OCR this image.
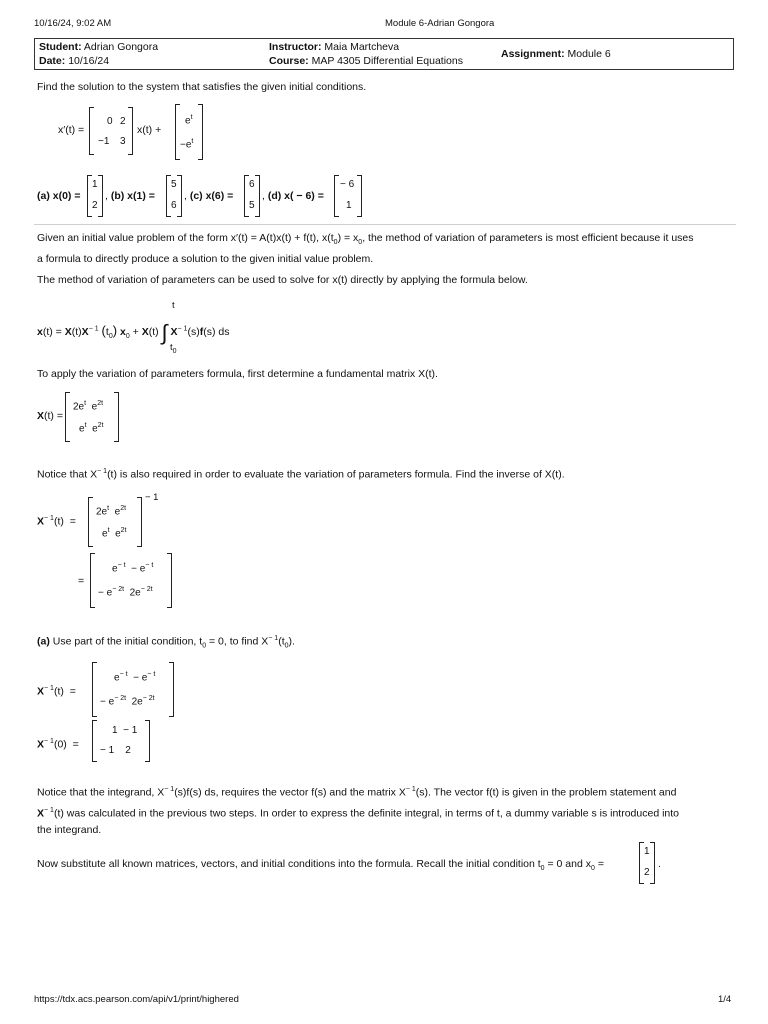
10/16/24, 9:02 AM	Module 6-Adrian Gongora
Student: Adrian Gongora
Date: 10/16/24
Instructor: Maia Martcheva
Course: MAP 4305 Differential Equations
Assignment: Module 6
Find the solution to the system that satisfies the given initial conditions.
x′(t) =
0 2
−1 3
x(t) +
$e^t$
$-e^t$
(a) x(0) =
1
2
, (b) x(1) =
5
6
, (c) x(6) =
6
5
, (d) x( − 6) =
− 6
1
Given an initial value problem of the form x′(t) = A(t)x(t) + f(t), $x(t_0) = x_0$, the method of variation of parameters is most efficient because it uses
a formula to directly produce a solution to the given initial value problem.
The method of variation of parameters can be used to solve for x(t) directly by applying the formula below.
$x(t) = X(t)X^{- 1}$ $(t_0) x_0 + X(t)$ ∫ $X^{- 1}(s)f(s)$ ds
t
$t_0$
To apply the variation of parameters formula, first determine a fundamental matrix X(t).
X(t) =
$2e^t$  $e^{2t}$
$e^t$  $e^{2t}$
Notice that $X^{- 1}(t)$ is also required in order to evaluate the variation of parameters formula. Find the inverse of X(t).
$X^{- 1}(t)$  =
$2e^t$  $e^{2t}$
$e^t$  $e^{2t}$
− 1
=
$e^{- t} - e^{- t}$
− $e^{- 2t}$  $2e^{- 2t}$
(a) Use part of the initial condition, $t_0 = 0$, to find $X^{- 1}(t_0)$.
$X^{- 1}(t)$  =
$e^{- t} - e^{- t}$
− $e^{- 2t}$  $2e^{- 2t}$
$X^{- 1}(0)$  =
1  − 1
− 1    2
Notice that the integrand, $X^{- 1}(s)f(s)$ ds, requires the vector f(s) and the matrix $X^{- 1}(s)$. The vector f(t) is given in the problem statement and
$X^{- 1}(t)$ was calculated in the previous two steps. In order to express the definite integral, in terms of t, a dummy variable s is introduced into
the integrand.
Now substitute all known matrices, vectors, and initial conditions into the formula. Recall the initial condition $t_0 = 0$ and $x_0$ =
1
2
.
https://tdx.acs.pearson.com/api/v1/print/highered	1/4
